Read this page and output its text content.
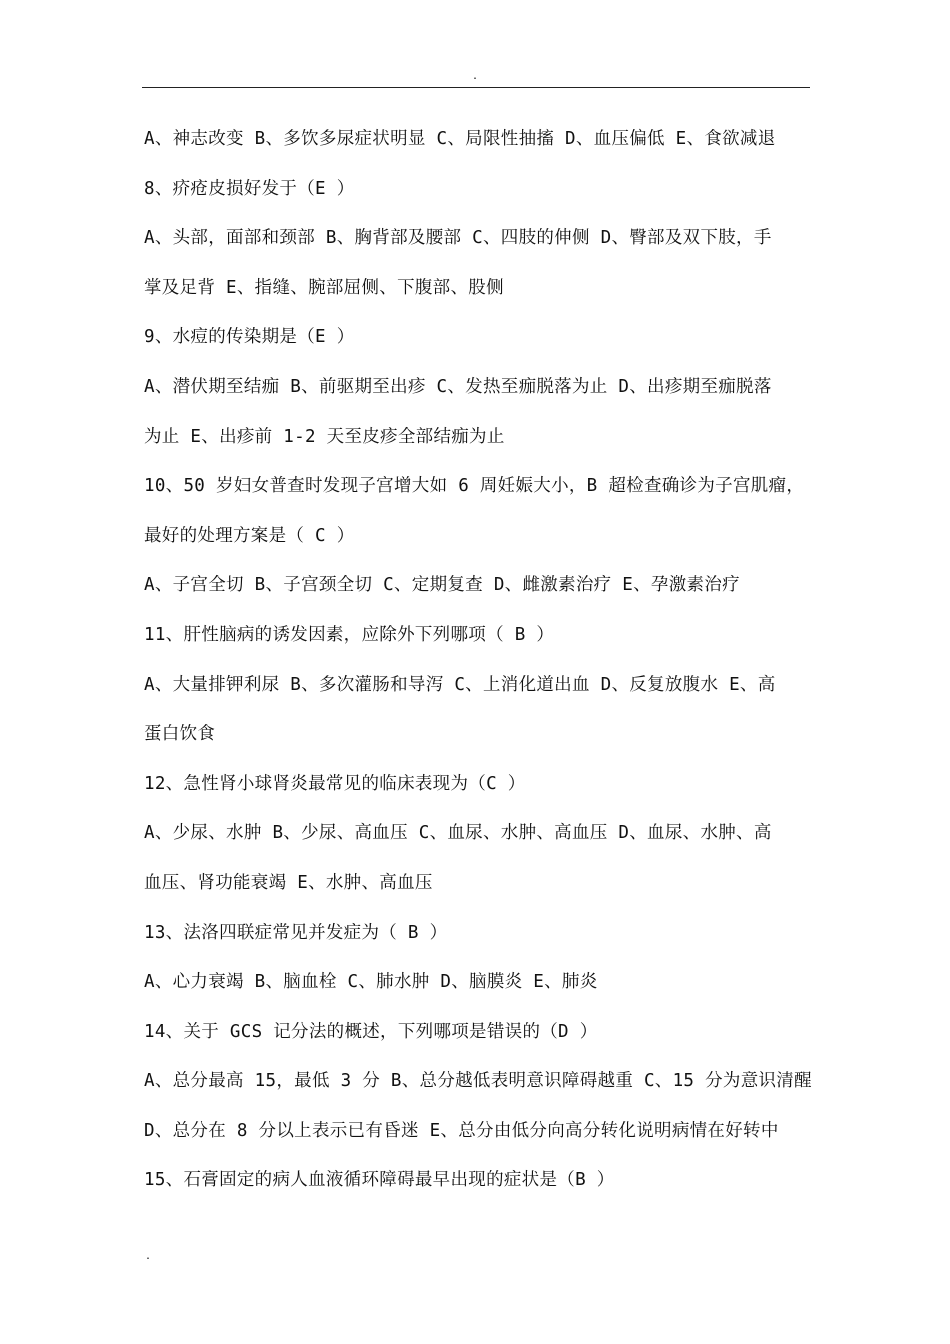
.
A、神志改变 B、多饮多尿症状明显 C、局限性抽搐 D、血压偏低 E、食欲减退
8、疥疮皮损好发于（E ）
A、头部，面部和颈部 B、胸背部及腰部 C、四肢的伸侧 D、臀部及双下肢，手
掌及足背 E、指缝、腕部屈侧、下腹部、股侧
9、水痘的传染期是（E ）
A、潜伏期至结痂 B、前驱期至出疹 C、发热至痂脱落为止 D、出疹期至痂脱落
为止 E、出疹前 1-2 天至皮疹全部结痂为止
10、50 岁妇女普查时发现子宫增大如 6 周妊娠大小，B 超检查确诊为子宫肌瘤，
最好的处理方案是（ C ）
A、子宫全切 B、子宫颈全切 C、定期复查 D、雌激素治疗 E、孕激素治疗
11、肝性脑病的诱发因素，应除外下列哪项（ B ）
A、大量排钾利尿 B、多次灌肠和导泻 C、上消化道出血 D、反复放腹水 E、高
蛋白饮食
12、急性肾小球肾炎最常见的临床表现为（C ）
A、少尿、水肿 B、少尿、高血压 C、血尿、水肿、高血压 D、血尿、水肿、高
血压、肾功能衰竭 E、水肿、高血压
13、法洛四联症常见并发症为（ B ）
A、心力衰竭 B、脑血栓 C、肺水肿 D、脑膜炎 E、肺炎
14、关于 GCS 记分法的概述，下列哪项是错误的（D ）
A、总分最高 15，最低 3 分 B、总分越低表明意识障碍越重 C、15 分为意识清醒
D、总分在 8 分以上表示已有昏迷 E、总分由低分向高分转化说明病情在好转中
15、石膏固定的病人血液循环障碍最早出现的症状是（B ）
.
